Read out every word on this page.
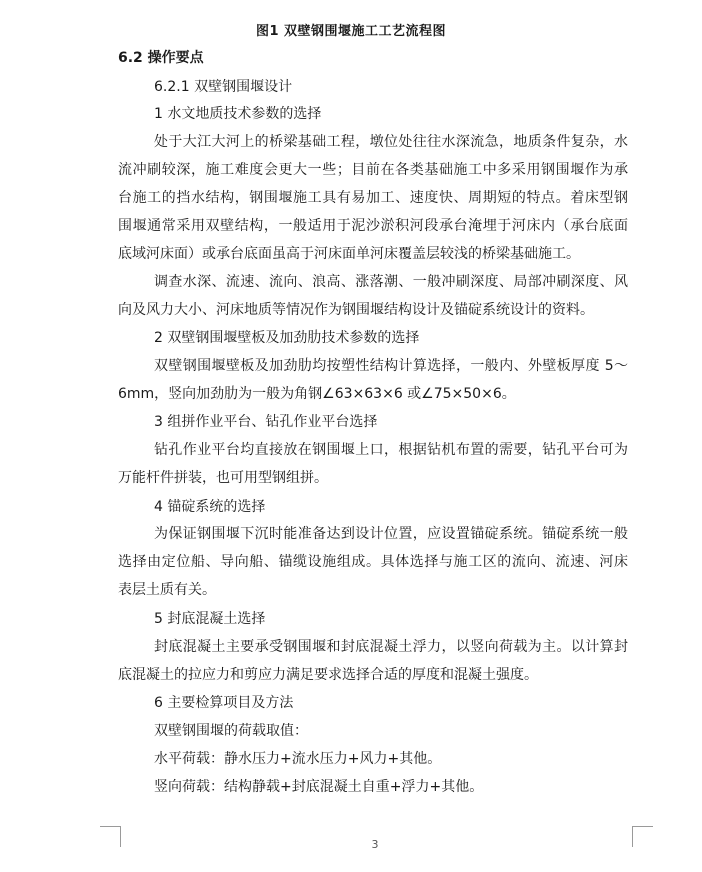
图1 双壁钢围堰施工工艺流程图
6.2 操作要点
6.2.1 双壁钢围堰设计
1 水文地质技术参数的选择
处于大江大河上的桥梁基础工程，墩位处往往水深流急，地质条件复杂，水
流冲刷较深，施工难度会更大一些；目前在各类基础施工中多采用钢围堰作为承
台施工的挡水结构，钢围堰施工具有易加工、速度快、周期短的特点。着床型钢
围堰通常采用双壁结构，一般适用于泥沙淤积河段承台淹埋于河床内（承台底面
底域河床面）或承台底面虽高于河床面单河床覆盖层较浅的桥梁基础施工。
调查水深、流速、流向、浪高、涨落潮、一般冲刷深度、局部冲刷深度、风
向及风力大小、河床地质等情况作为钢围堰结构设计及锚碇系统设计的资料。
2 双壁钢围堰壁板及加劲肋技术参数的选择
双壁钢围堰壁板及加劲肋均按塑性结构计算选择，一般内、外壁板厚度 5～
6mm，竖向加劲肋为一般为角钢∠63×63×6 或∠75×50×6。
3 组拼作业平台、钻孔作业平台选择
钻孔作业平台均直接放在钢围堰上口，根据钻机布置的需要，钻孔平台可为
万能杆件拼装，也可用型钢组拼。
4 锚碇系统的选择
为保证钢围堰下沉时能准备达到设计位置，应设置锚碇系统。锚碇系统一般
选择由定位船、导向船、锚缆设施组成。具体选择与施工区的流向、流速、河床
表层土质有关。
5 封底混凝土选择
封底混凝土主要承受钢围堰和封底混凝土浮力，以竖向荷载为主。以计算封
底混凝土的拉应力和剪应力满足要求选择合适的厚度和混凝土强度。
6 主要检算项目及方法
双壁钢围堰的荷载取值：
水平荷载：静水压力+流水压力+风力+其他。
竖向荷载：结构静载+封底混凝土自重+浮力+其他。
3
